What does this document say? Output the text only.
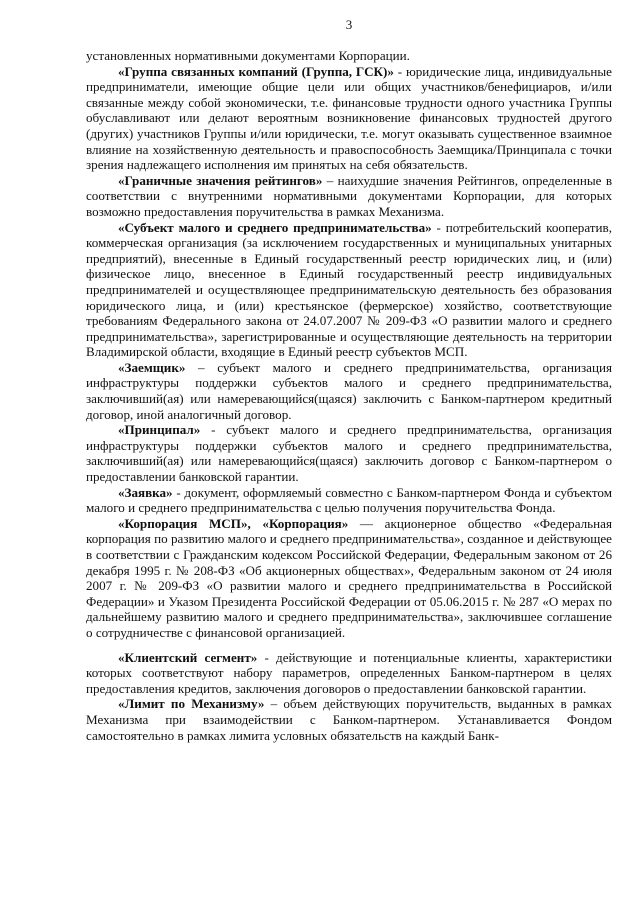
3

установленных нормативными документами Корпорации.

«Группа связанных компаний (Группа, ГСК)» - юридические лица, индивидуальные предприниматели, имеющие общие цели или общих участников/бенефициаров, и/или связанные между собой экономически, т.е. финансовые трудности одного участника Группы обуславливают или делают вероятным возникновение финансовых трудностей другого (других) участников Группы и/или юридически, т.е. могут оказывать существенное взаимное влияние на хозяйственную деятельность и правоспособность Заемщика/Принципала с точки зрения надлежащего исполнения им принятых на себя обязательств.

«Граничные значения рейтингов» – наихудшие значения Рейтингов, определенные в соответствии с внутренними нормативными документами Корпорации, для которых возможно предоставления поручительства в рамках Механизма.

«Субъект малого и среднего предпринимательства» - потребительский кооператив, коммерческая организация (за исключением государственных и муниципальных унитарных предприятий), внесенные в Единый государственный реестр юридических лиц, и (или) физическое лицо, внесенное в Единый государственный реестр индивидуальных предпринимателей и осуществляющее предпринимательскую деятельность без образования юридического лица, и (или) крестьянское (фермерское) хозяйство, соответствующие требованиям Федерального закона от 24.07.2007 № 209-ФЗ «О развитии малого и среднего предпринимательства», зарегистрированные и осуществляющие деятельность на территории Владимирской области, входящие в Единый реестр субъектов МСП.

«Заемщик» – субъект малого и среднего предпринимательства, организация инфраструктуры поддержки субъектов малого и среднего предпринимательства, заключивший(ая) или намеревающийся(щаяся) заключить с Банком-партнером кредитный договор, иной аналогичный договор.

«Принципал» - субъект малого и среднего предпринимательства, организация инфраструктуры поддержки субъектов малого и среднего предпринимательства, заключивший(ая) или намеревающийся(щаяся) заключить договор с Банком-партнером о предоставлении банковской гарантии.

«Заявка» - документ, оформляемый совместно с Банком-партнером Фонда и субъектом малого и среднего предпринимательства с целью получения поручительства Фонда.

«Корпорация МСП», «Корпорация» — акционерное общество «Федеральная корпорация по развитию малого и среднего предпринимательства», созданное и действующее в соответствии с Гражданским кодексом Российской Федерации, Федеральным законом от 26 декабря 1995 г. № 208-ФЗ «Об акционерных обществах», Федеральным законом от 24 июля 2007 г. № 209-ФЗ «О развитии малого и среднего предпринимательства в Российской Федерации» и Указом Президента Российской Федерации от 05.06.2015 г. № 287 «О мерах по дальнейшему развитию малого и среднего предпринимательства», заключившее соглашение о сотрудничестве с финансовой организацией.

«Клиентский сегмент» - действующие и потенциальные клиенты, характеристики которых соответствуют набору параметров, определенных Банком-партнером в целях предоставления кредитов, заключения договоров о предоставлении банковской гарантии.

«Лимит по Механизму» – объем действующих поручительств, выданных в рамках Механизма при взаимодействии с Банком-партнером. Устанавливается Фондом самостоятельно в рамках лимита условных обязательств на каждый Банк-
